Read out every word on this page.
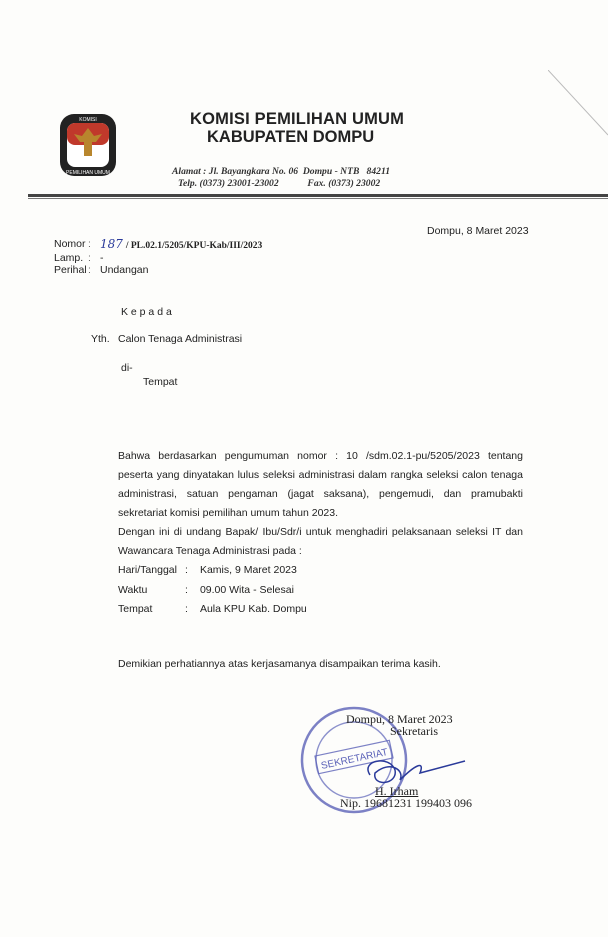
KOMISI
PEMILIHAN UMUM
KOMISI PEMILIHAN UMUM
KABUPATEN DOMPU
Alamat : Jl. Bayangkara No. 06  Dompu - NTB   84211
Telp. (0373) 23001-23002	Fax. (0373) 23002
Dompu, 8 Maret 2023
Nomor	:	187 / PL.02.1/5205/KPU-Kab/III/2023
Lamp.	:	-
Perihal	:	Undangan
K e p a d a
Yth. Calon Tenaga Administrasi
di-
Tempat
Bahwa berdasarkan pengumuman nomor : 10 /sdm.02.1-pu/5205/2023 tentang peserta yang dinyatakan lulus seleksi administrasi dalam rangka seleksi calon tenaga administrasi, satuan pengaman (jagat saksana), pengemudi, dan pramubakti sekretariat komisi pemilihan umum tahun 2023.
Dengan ini di undang Bapak/ Ibu/Sdr/i untuk menghadiri pelaksanaan seleksi IT dan Wawancara Tenaga Administrasi pada :
Hari/Tanggal	:	Kamis, 9 Maret 2023
Waktu	:	09.00 Wita - Selesai
Tempat	:	Aula KPU Kab. Dompu
Demikian perhatiannya atas kerjasamanya disampaikan terima kasih.
SEKRETARIAT
Dompu, 8 Maret 2023
Sekretaris
H. Irham
Nip. 19681231 199403 096
